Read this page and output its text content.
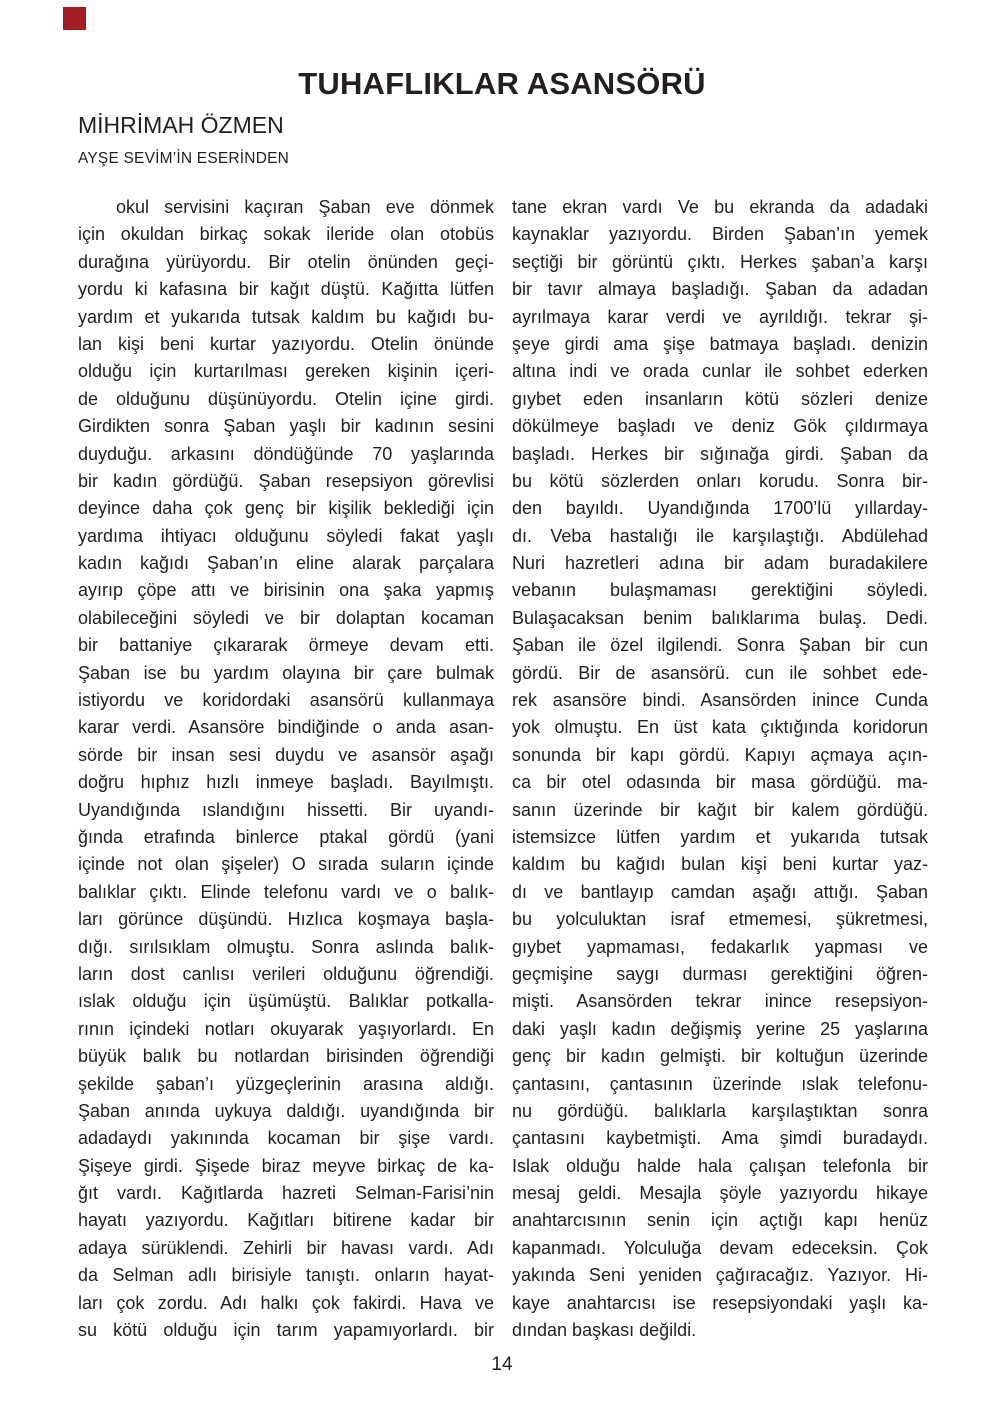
TUHAFLIKLAR ASANSÖRÜ
MİHRİMAH ÖZMEN
AYŞE SEVİM’İN ESERİNDEN
okul servisini kaçıran Şaban eve dönmek
için okuldan birkaç sokak ileride olan otobüs
durağına yürüyordu. Bir otelin önünden geçi-
yordu ki kafasına bir kağıt düştü. Kağıtta lütfen
yardım et yukarıda tutsak kaldım bu kağıdı bu-
lan kişi beni kurtar yazıyordu. Otelin önünde
olduğu için kurtarılması gereken kişinin içeri-
de olduğunu düşünüyordu. Otelin içine girdi.
Girdikten sonra Şaban yaşlı bir kadının sesini
duyduğu. arkasını döndüğünde 70 yaşlarında
bir kadın gördüğü. Şaban resepsiyon görevlisi
deyince daha çok genç bir kişilik beklediği için
yardıma ihtiyacı olduğunu söyledi fakat yaşlı
kadın kağıdı Şaban’ın eline alarak parçalara
ayırıp çöpe attı ve birisinin ona şaka yapmış
olabileceğini söyledi ve bir dolaptan kocaman
bir battaniye çıkararak örmeye devam etti.
Şaban ise bu yardım olayına bir çare bulmak
istiyordu ve koridordaki asansörü kullanmaya
karar verdi. Asansöre bindiğinde o anda asan-
sörde bir insan sesi duydu ve asansör aşağı
doğru hıphız hızlı inmeye başladı. Bayılmıştı.
Uyandığında ıslandığını hissetti. Bir uyandı-
ğında etrafında binlerce ptakal gördü (yani
içinde not olan şişeler) O sırada suların içinde
balıklar çıktı. Elinde telefonu vardı ve o balık-
ları görünce düşündü. Hızlıca koşmaya başla-
dığı. sırılsıklam olmuştu. Sonra aslında balık-
ların dost canlısı verileri olduğunu öğrendiği.
ıslak olduğu için üşümüştü. Balıklar potkalla-
rının içindeki notları okuyarak yaşıyorlardı. En
büyük balık bu notlardan birisinden öğrendiği
şekilde şaban’ı yüzgeçlerinin arasına aldığı.
Şaban anında uykuya daldığı. uyandığında bir
adadaydı yakınında kocaman bir şişe vardı.
Şişeye girdi. Şişede biraz meyve birkaç de ka-
ğıt vardı. Kağıtlarda hazreti Selman-Farisi’nin
hayatı yazıyordu. Kağıtları bitirene kadar bir
adaya sürüklendi. Zehirli bir havası vardı. Adı
da Selman adlı birisiyle tanıştı. onların hayat-
ları çok zordu. Adı halkı çok fakirdi. Hava ve
su kötü olduğu için tarım yapamıyorlardı. bir
tane ekran vardı Ve bu ekranda da adadaki
kaynaklar yazıyordu. Birden Şaban’ın yemek
seçtiği bir görüntü çıktı. Herkes şaban’a karşı
bir tavır almaya başladığı. Şaban da adadan
ayrılmaya karar verdi ve ayrıldığı. tekrar şi-
şeye girdi ama şişe batmaya başladı. denizin
altına indi ve orada cunlar ile sohbet ederken
gıybet eden insanların kötü sözleri denize
dökülmeye başladı ve deniz Gök çıldırmaya
başladı. Herkes bir sığınağa girdi. Şaban da
bu kötü sözlerden onları korudu. Sonra bir-
den bayıldı. Uyandığında 1700’lü yıllarday-
dı. Veba hastalığı ile karşılaştığı. Abdülehad
Nuri hazretleri adına bir adam buradakilere
vebanın bulaşmaması gerektiğini söyledi.
Bulaşacaksan benim balıklarıma bulaş. Dedi.
Şaban ile özel ilgilendi. Sonra Şaban bir cun
gördü. Bir de asansörü. cun ile sohbet ede-
rek asansöre bindi. Asansörden inince Cunda
yok olmuştu. En üst kata çıktığında koridorun
sonunda bir kapı gördü. Kapıyı açmaya açın-
ca bir otel odasında bir masa gördüğü. ma-
sanın üzerinde bir kağıt bir kalem gördüğü.
istemsizce lütfen yardım et yukarıda tutsak
kaldım bu kağıdı bulan kişi beni kurtar yaz-
dı ve bantlayıp camdan aşağı attığı. Şaban
bu yolculuktan israf etmemesi, şükretmesi,
gıybet yapmaması, fedakarlık yapması ve
geçmişine saygı durması gerektiğini öğren-
mişti. Asansörden tekrar inince resepsiyon-
daki yaşlı kadın değişmiş yerine 25 yaşlarına
genç bir kadın gelmişti. bir koltuğun üzerinde
çantasını, çantasının üzerinde ıslak telefonu-
nu gördüğü. balıklarla karşılaştıktan sonra
çantasını kaybetmişti. Ama şimdi buradaydı.
Islak olduğu halde hala çalışan telefonla bir
mesaj geldi. Mesajla şöyle yazıyordu hikaye
anahtarcısının senin için açtığı kapı henüz
kapanmadı. Yolculuğa devam edeceksin. Çok
yakında Seni yeniden çağıracağız. Yazıyor. Hi-
kaye anahtarcısı ise resepsiyondaki yaşlı ka-
dından başkası değildi.
14
